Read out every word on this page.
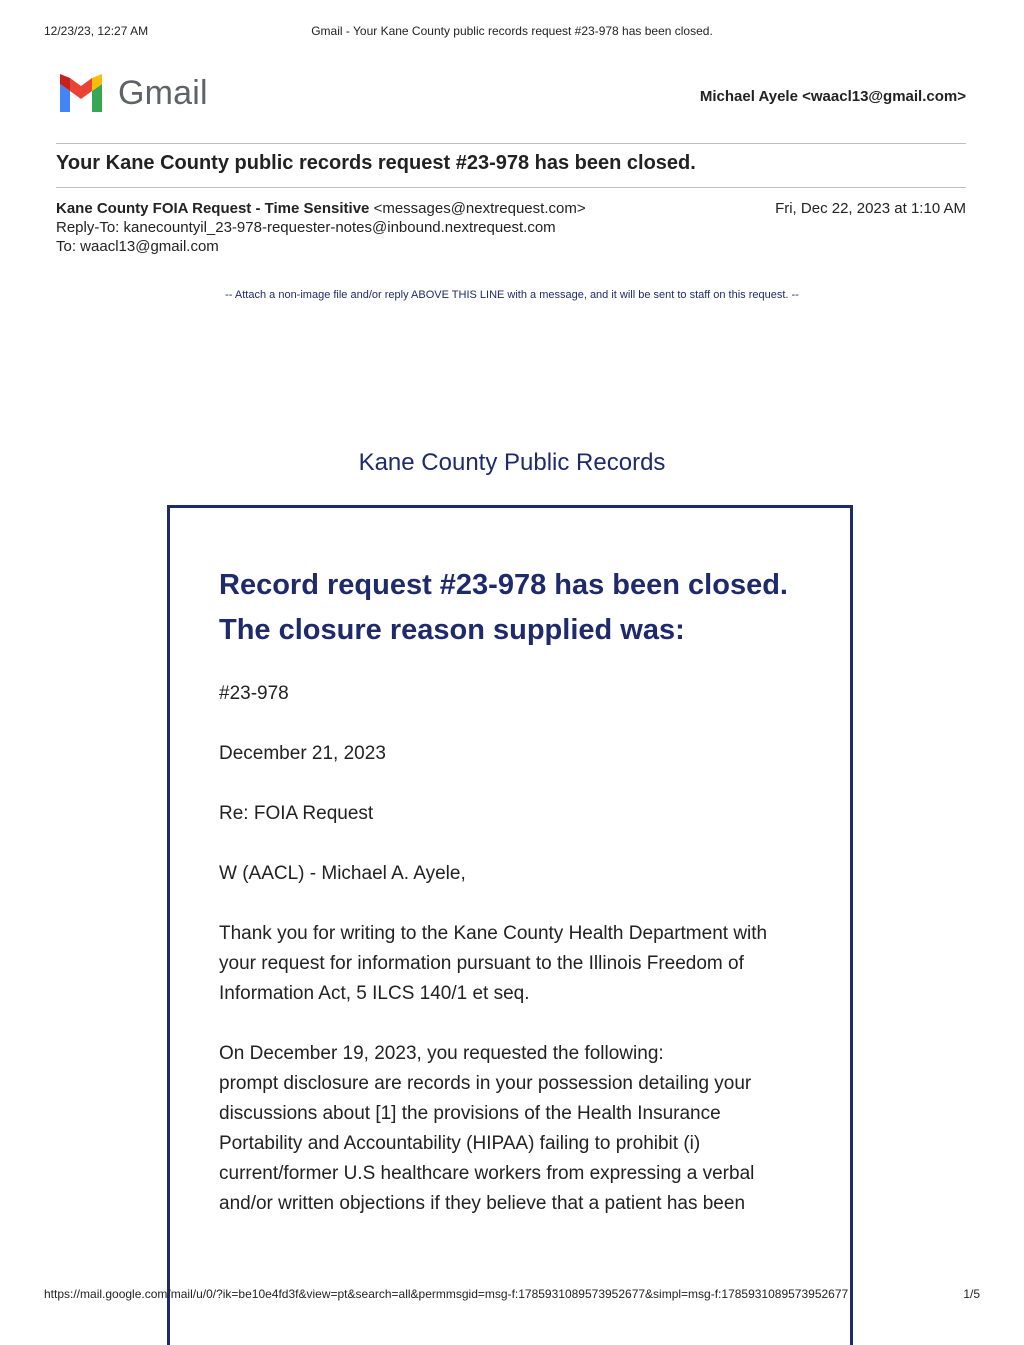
12/23/23, 12:27 AM	Gmail - Your Kane County public records request #23-978 has been closed.
Gmail	Michael Ayele <waacl13@gmail.com>
Your Kane County public records request #23-978 has been closed.
Kane County FOIA Request - Time Sensitive <messages@nextrequest.com>	Fri, Dec 22, 2023 at 1:10 AM
Reply-To: kanecountyil_23-978-requester-notes@inbound.nextrequest.com
To: waacl13@gmail.com
-- Attach a non-image file and/or reply ABOVE THIS LINE with a message, and it will be sent to staff on this request. --
Kane County Public Records
Record request #23-978 has been closed. The closure reason supplied was:

#23-978

December 21, 2023

Re: FOIA Request

W (AACL) - Michael A. Ayele,

Thank you for writing to the Kane County Health Department with your request for information pursuant to the Illinois Freedom of Information Act, 5 ILCS 140/1 et seq.

On December 19, 2023, you requested the following:

prompt disclosure are records in your possession detailing your discussions about [1] the provisions of the Health Insurance Portability and Accountability (HIPAA) failing to prohibit (i) current/former U.S healthcare workers from expressing a verbal and/or written objections if they believe that a patient has been

https://mail.google.com/mail/u/0/?ik=be10e4fd3f&view=pt&search=all&permmsgid=msg-f:1785931089573952677&simpl=msg-f:1785931089573952677	1/5
